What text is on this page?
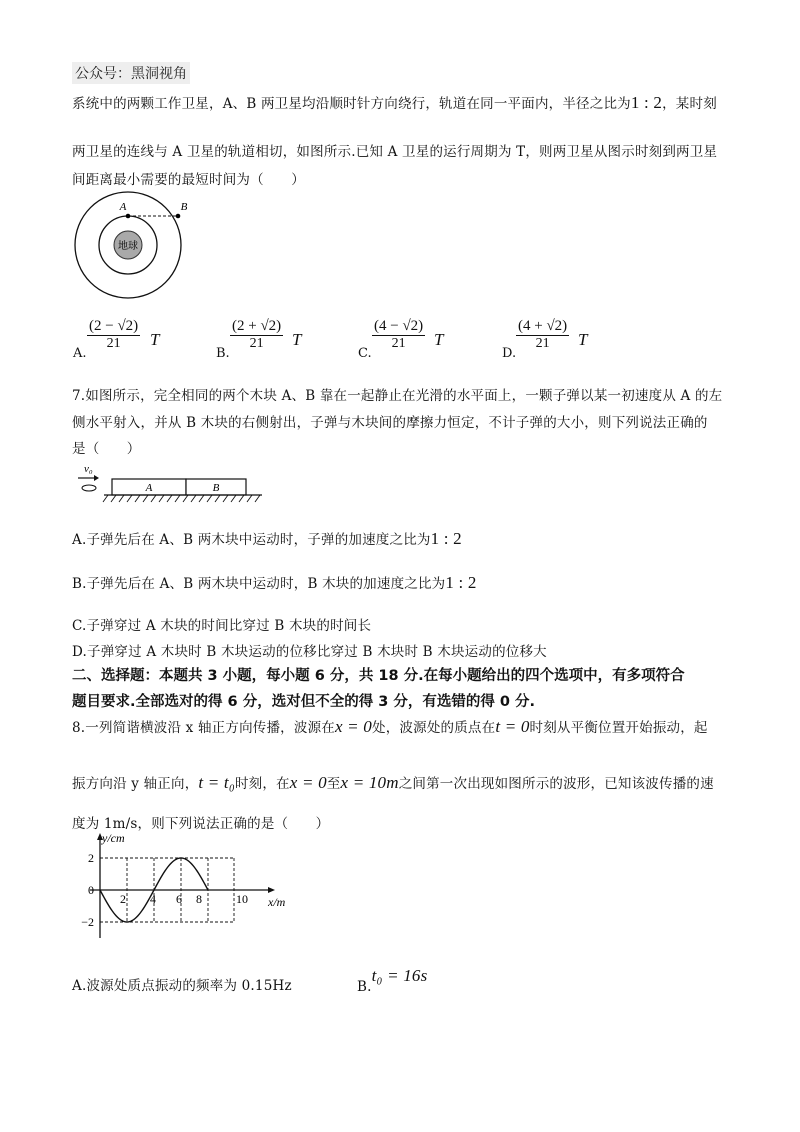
公众号：黑洞视角
系统中的两颗工作卫星，A、B 两卫星均沿顺时针方向绕行，轨道在同一平面内，半径之比为1 : 2，某时刻
两卫星的连线与 A 卫星的轨道相切，如图所示.已知 A 卫星的运行周期为 T，则两卫星从图示时刻到两卫星
间距离最小需要的最短时间为（　　）
地球
A	B
A.
$\frac{(2 - √2)}{21}$ T
B.
$\frac{(2 + √2)}{21}$ T
C.
$\frac{(4 - √2)}{21}$ T
D.
$\frac{(4 + √2)}{21}$ T
7.如图所示，完全相同的两个木块 A、B 靠在一起静止在光滑的水平面上，一颗子弹以某一初速度从 A 的左
侧水平射入，并从 B 木块的右侧射出，子弹与木块间的摩擦力恒定，不计子弹的大小，则下列说法正确的
是（　　）
v₀
A	B
A.子弹先后在 A、B 两木块中运动时，子弹的加速度之比为1 : 2
B.子弹先后在 A、B 两木块中运动时，B 木块的加速度之比为1 : 2
C.子弹穿过 A 木块的时间比穿过 B 木块的时间长
D.子弹穿过 A 木块时 B 木块运动的位移比穿过 B 木块时 B 木块运动的位移大
二、选择题：本题共 3 小题，每小题 6 分，共 18 分.在每小题给出的四个选项中，有多项符合
题目要求.全部选对的得 6 分，选对但不全的得 3 分，有选错的得 0 分.
8.一列简谐横波沿 x 轴正方向传播，波源在x = 0处，波源处的质点在t = 0时刻从平衡位置开始振动，起
振方向沿 y 轴正向，t = t₀时刻，在x = 0至x = 10m之间第一次出现如图所示的波形，已知该波传播的速
度为 1m/s，则下列说法正确的是（　　）
y/cm
x/m
2
0
−2
2 4 6 8	10
A.波源处质点振动的频率为 0.15Hz	B.t₀ = 16s
